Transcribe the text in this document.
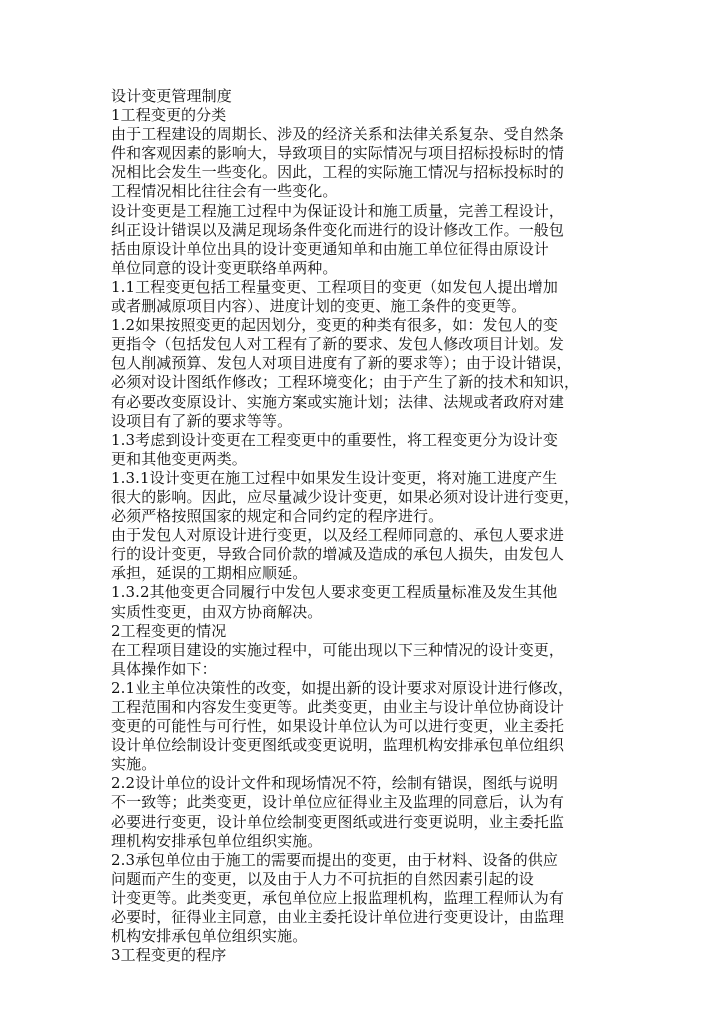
设计变更管理制度
1工程变更的分类
由于工程建设的周期长、涉及的经济关系和法律关系复杂、受自然条
件和客观因素的影响大，导致项目的实际情况与项目招标投标时的情
况相比会发生一些变化。因此，工程的实际施工情况与招标投标时的
工程情况相比往往会有一些变化。
设计变更是工程施工过程中为保证设计和施工质量，完善工程设计，
纠正设计错误以及满足现场条件变化而进行的设计修改工作。一般包
括由原设计单位出具的设计变更通知单和由施工单位征得由原设计
单位同意的设计变更联络单两种。
1.1工程变更包括工程量变更、工程项目的变更（如发包人提出增加
或者删减原项目内容）、进度计划的变更、施工条件的变更等。
1.2如果按照变更的起因划分，变更的种类有很多，如：发包人的变
更指令（包括发包人对工程有了新的要求、发包人修改项目计划。发
包人削减预算、发包人对项目进度有了新的要求等）；由于设计错误，
必须对设计图纸作修改；工程环境变化；由于产生了新的技术和知识，
有必要改变原设计、实施方案或实施计划；法律、法规或者政府对建
设项目有了新的要求等等。
1.3考虑到设计变更在工程变更中的重要性，将工程变更分为设计变
更和其他变更两类。
1.3.1设计变更在施工过程中如果发生设计变更，将对施工进度产生
很大的影响。因此，应尽量减少设计变更，如果必须对设计进行变更，
必须严格按照国家的规定和合同约定的程序进行。
由于发包人对原设计进行变更，以及经工程师同意的、承包人要求进
行的设计变更，导致合同价款的增减及造成的承包人损失，由发包人
承担，延误的工期相应顺延。
1.3.2其他变更合同履行中发包人要求变更工程质量标准及发生其他
实质性变更，由双方协商解决。
2工程变更的情况
在工程项目建设的实施过程中，可能出现以下三种情况的设计变更，
具体操作如下：
2.1业主单位决策性的改变，如提出新的设计要求对原设计进行修改，
工程范围和内容发生变更等。此类变更，由业主与设计单位协商设计
变更的可能性与可行性，如果设计单位认为可以进行变更，业主委托
设计单位绘制设计变更图纸或变更说明，监理机构安排承包单位组织
实施。
2.2设计单位的设计文件和现场情况不符，绘制有错误，图纸与说明
不一致等；此类变更，设计单位应征得业主及监理的同意后，认为有
必要进行变更，设计单位绘制变更图纸或进行变更说明，业主委托监
理机构安排承包单位组织实施。
2.3承包单位由于施工的需要而提出的变更，由于材料、设备的供应
问题而产生的变更，以及由于人力不可抗拒的自然因素引起的设
计变更等。此类变更，承包单位应上报监理机构，监理工程师认为有
必要时，征得业主同意，由业主委托设计单位进行变更设计，由监理
机构安排承包单位组织实施。
3工程变更的程序
